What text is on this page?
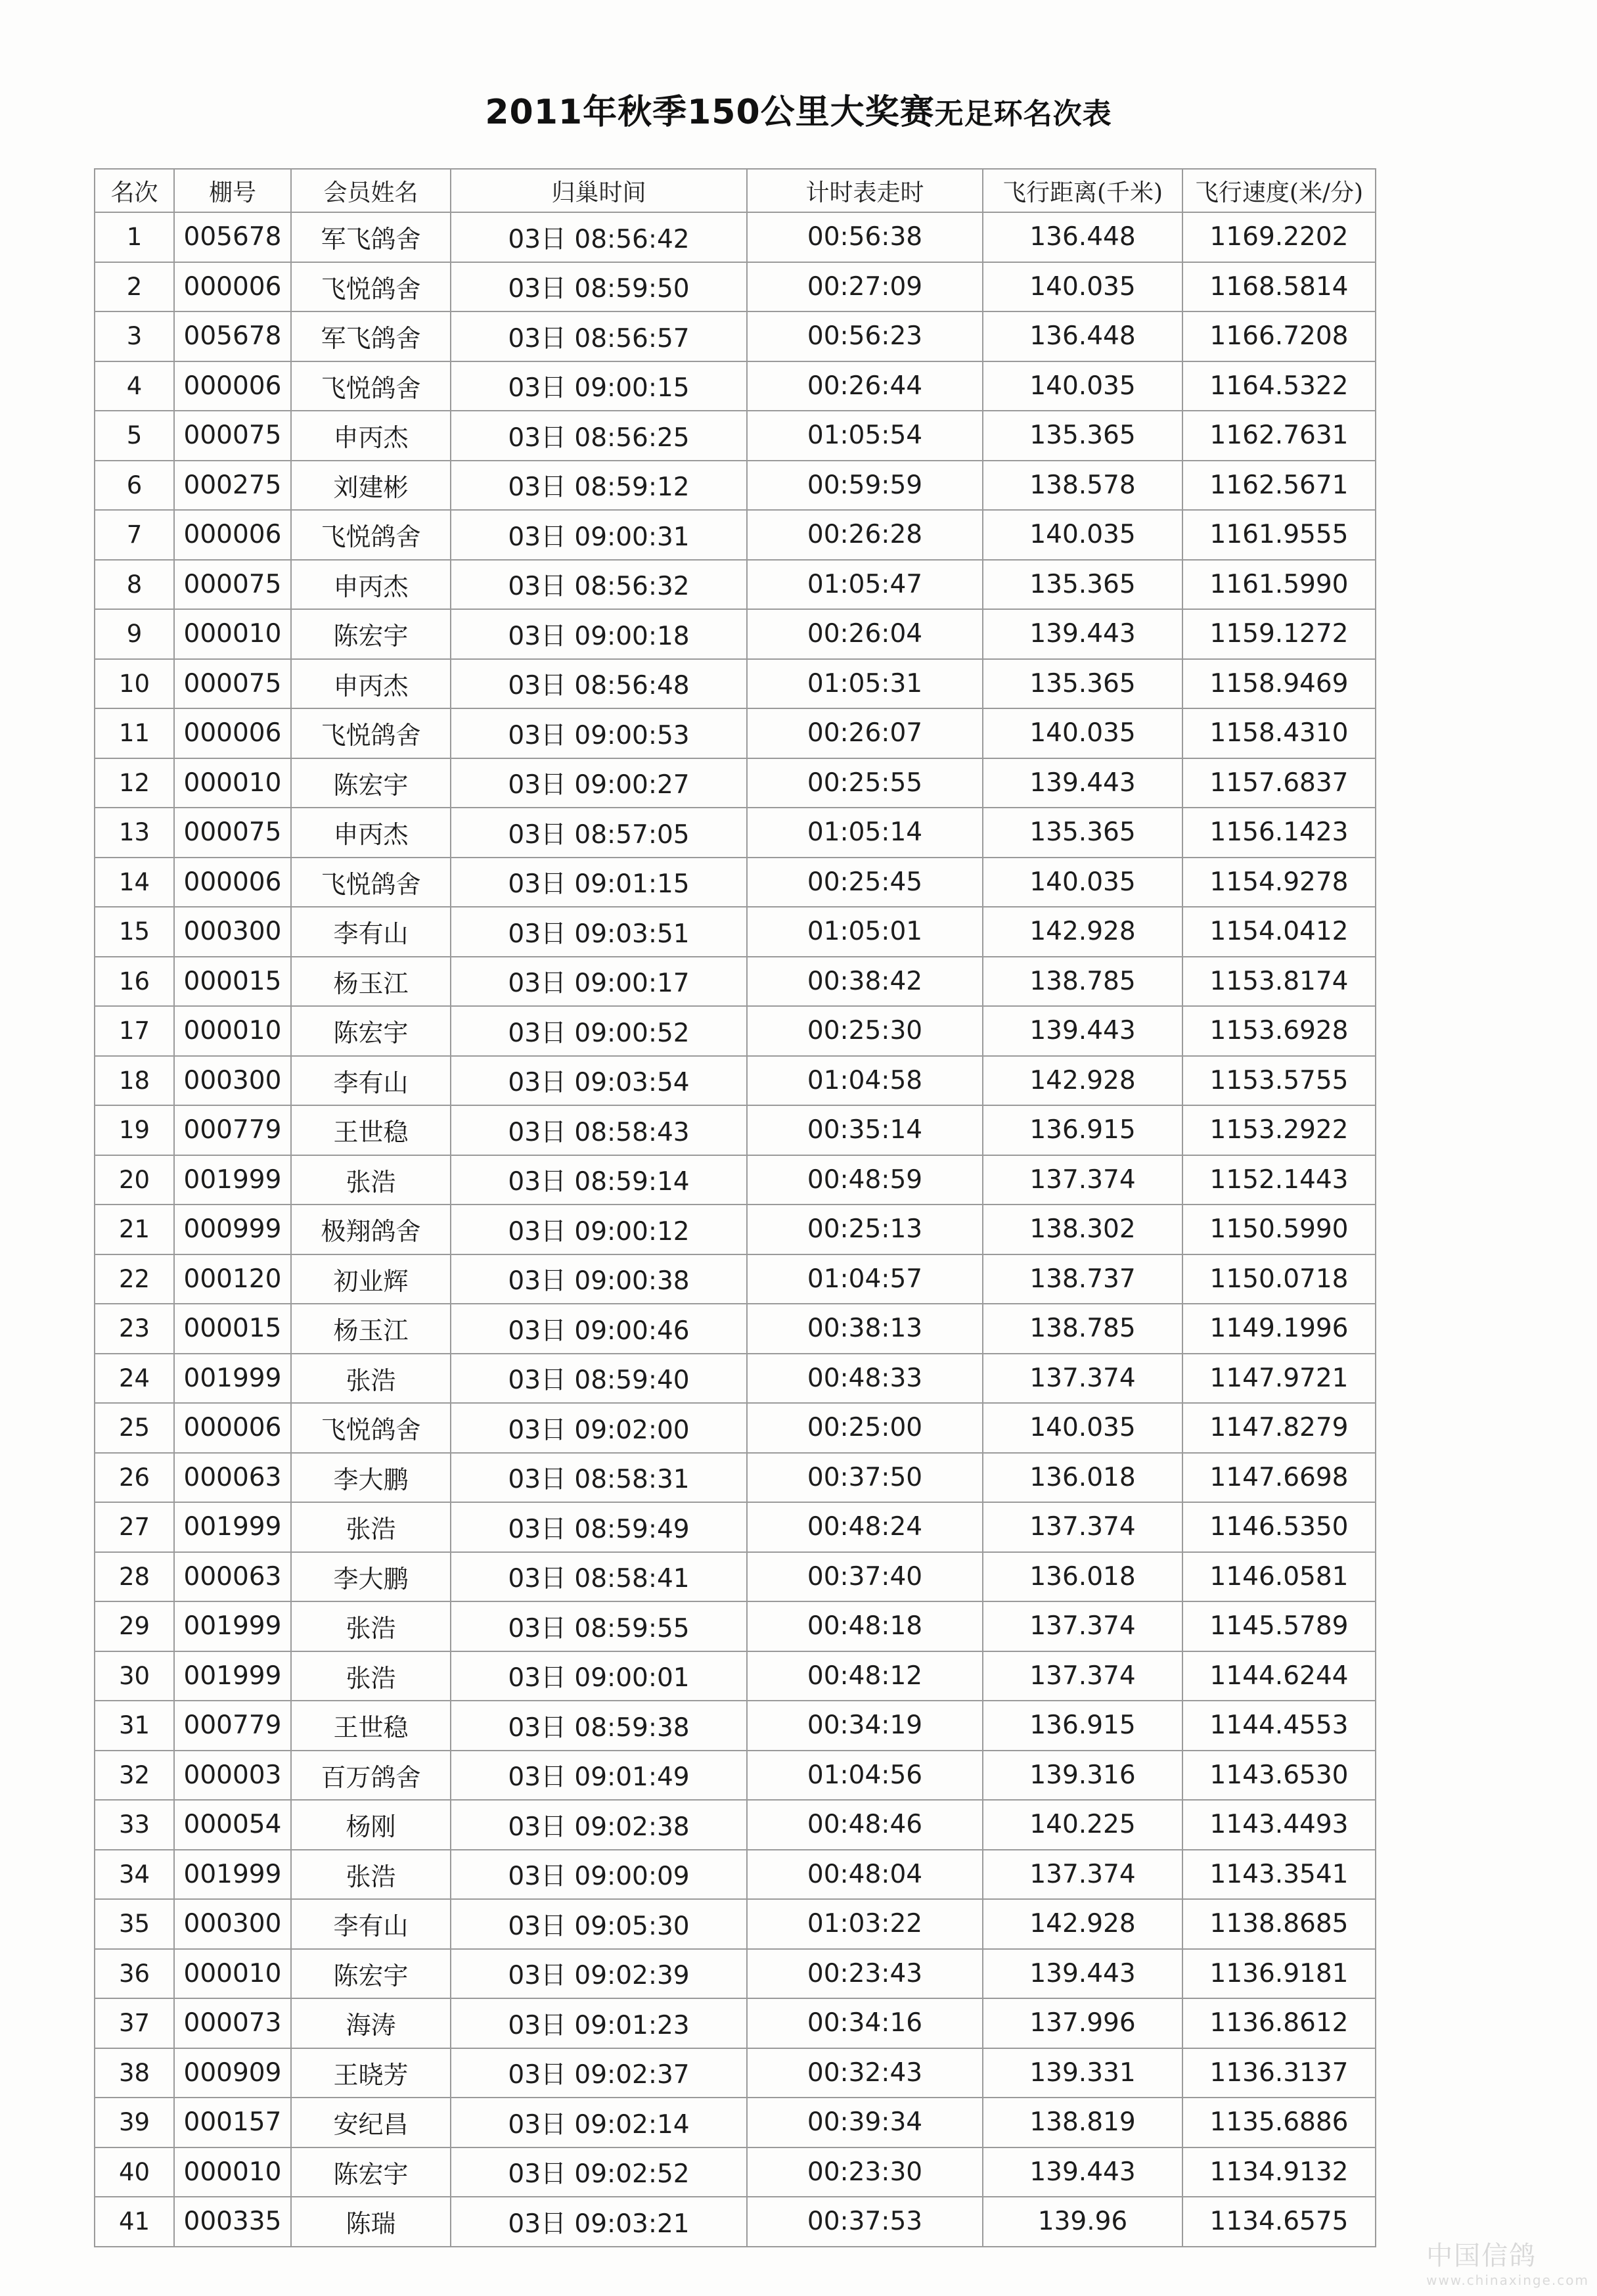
2011年秋季150公里大奖赛无足环名次表
名次	棚号	会员姓名	归巢时间	计时表走时	飞行距离(千米)	飞行速度(米/分)
1	005678	军飞鸽舍	03日 08:56:42	00:56:38	136.448	1169.2202
2	000006	飞悦鸽舍	03日 08:59:50	00:27:09	140.035	1168.5814
3	005678	军飞鸽舍	03日 08:56:57	00:56:23	136.448	1166.7208
4	000006	飞悦鸽舍	03日 09:00:15	00:26:44	140.035	1164.5322
5	000075	申丙杰	03日 08:56:25	01:05:54	135.365	1162.7631
6	000275	刘建彬	03日 08:59:12	00:59:59	138.578	1162.5671
7	000006	飞悦鸽舍	03日 09:00:31	00:26:28	140.035	1161.9555
8	000075	申丙杰	03日 08:56:32	01:05:47	135.365	1161.5990
9	000010	陈宏宇	03日 09:00:18	00:26:04	139.443	1159.1272
10	000075	申丙杰	03日 08:56:48	01:05:31	135.365	1158.9469
11	000006	飞悦鸽舍	03日 09:00:53	00:26:07	140.035	1158.4310
12	000010	陈宏宇	03日 09:00:27	00:25:55	139.443	1157.6837
13	000075	申丙杰	03日 08:57:05	01:05:14	135.365	1156.1423
14	000006	飞悦鸽舍	03日 09:01:15	00:25:45	140.035	1154.9278
15	000300	李有山	03日 09:03:51	01:05:01	142.928	1154.0412
16	000015	杨玉江	03日 09:00:17	00:38:42	138.785	1153.8174
17	000010	陈宏宇	03日 09:00:52	00:25:30	139.443	1153.6928
18	000300	李有山	03日 09:03:54	01:04:58	142.928	1153.5755
19	000779	王世稳	03日 08:58:43	00:35:14	136.915	1153.2922
20	001999	张浩	03日 08:59:14	00:48:59	137.374	1152.1443
21	000999	极翔鸽舍	03日 09:00:12	00:25:13	138.302	1150.5990
22	000120	初业辉	03日 09:00:38	01:04:57	138.737	1150.0718
23	000015	杨玉江	03日 09:00:46	00:38:13	138.785	1149.1996
24	001999	张浩	03日 08:59:40	00:48:33	137.374	1147.9721
25	000006	飞悦鸽舍	03日 09:02:00	00:25:00	140.035	1147.8279
26	000063	李大鹏	03日 08:58:31	00:37:50	136.018	1147.6698
27	001999	张浩	03日 08:59:49	00:48:24	137.374	1146.5350
28	000063	李大鹏	03日 08:58:41	00:37:40	136.018	1146.0581
29	001999	张浩	03日 08:59:55	00:48:18	137.374	1145.5789
30	001999	张浩	03日 09:00:01	00:48:12	137.374	1144.6244
31	000779	王世稳	03日 08:59:38	00:34:19	136.915	1144.4553
32	000003	百万鸽舍	03日 09:01:49	01:04:56	139.316	1143.6530
33	000054	杨刚	03日 09:02:38	00:48:46	140.225	1143.4493
34	001999	张浩	03日 09:00:09	00:48:04	137.374	1143.3541
35	000300	李有山	03日 09:05:30	01:03:22	142.928	1138.8685
36	000010	陈宏宇	03日 09:02:39	00:23:43	139.443	1136.9181
37	000073	海涛	03日 09:01:23	00:34:16	137.996	1136.8612
38	000909	王晓芳	03日 09:02:37	00:32:43	139.331	1136.3137
39	000157	安纪昌	03日 09:02:14	00:39:34	138.819	1135.6886
40	000010	陈宏宇	03日 09:02:52	00:23:30	139.443	1134.9132
41	000335	陈瑞	03日 09:03:21	00:37:53	139.96	1134.6575
中国信鸽
www.chinaxinge.com
